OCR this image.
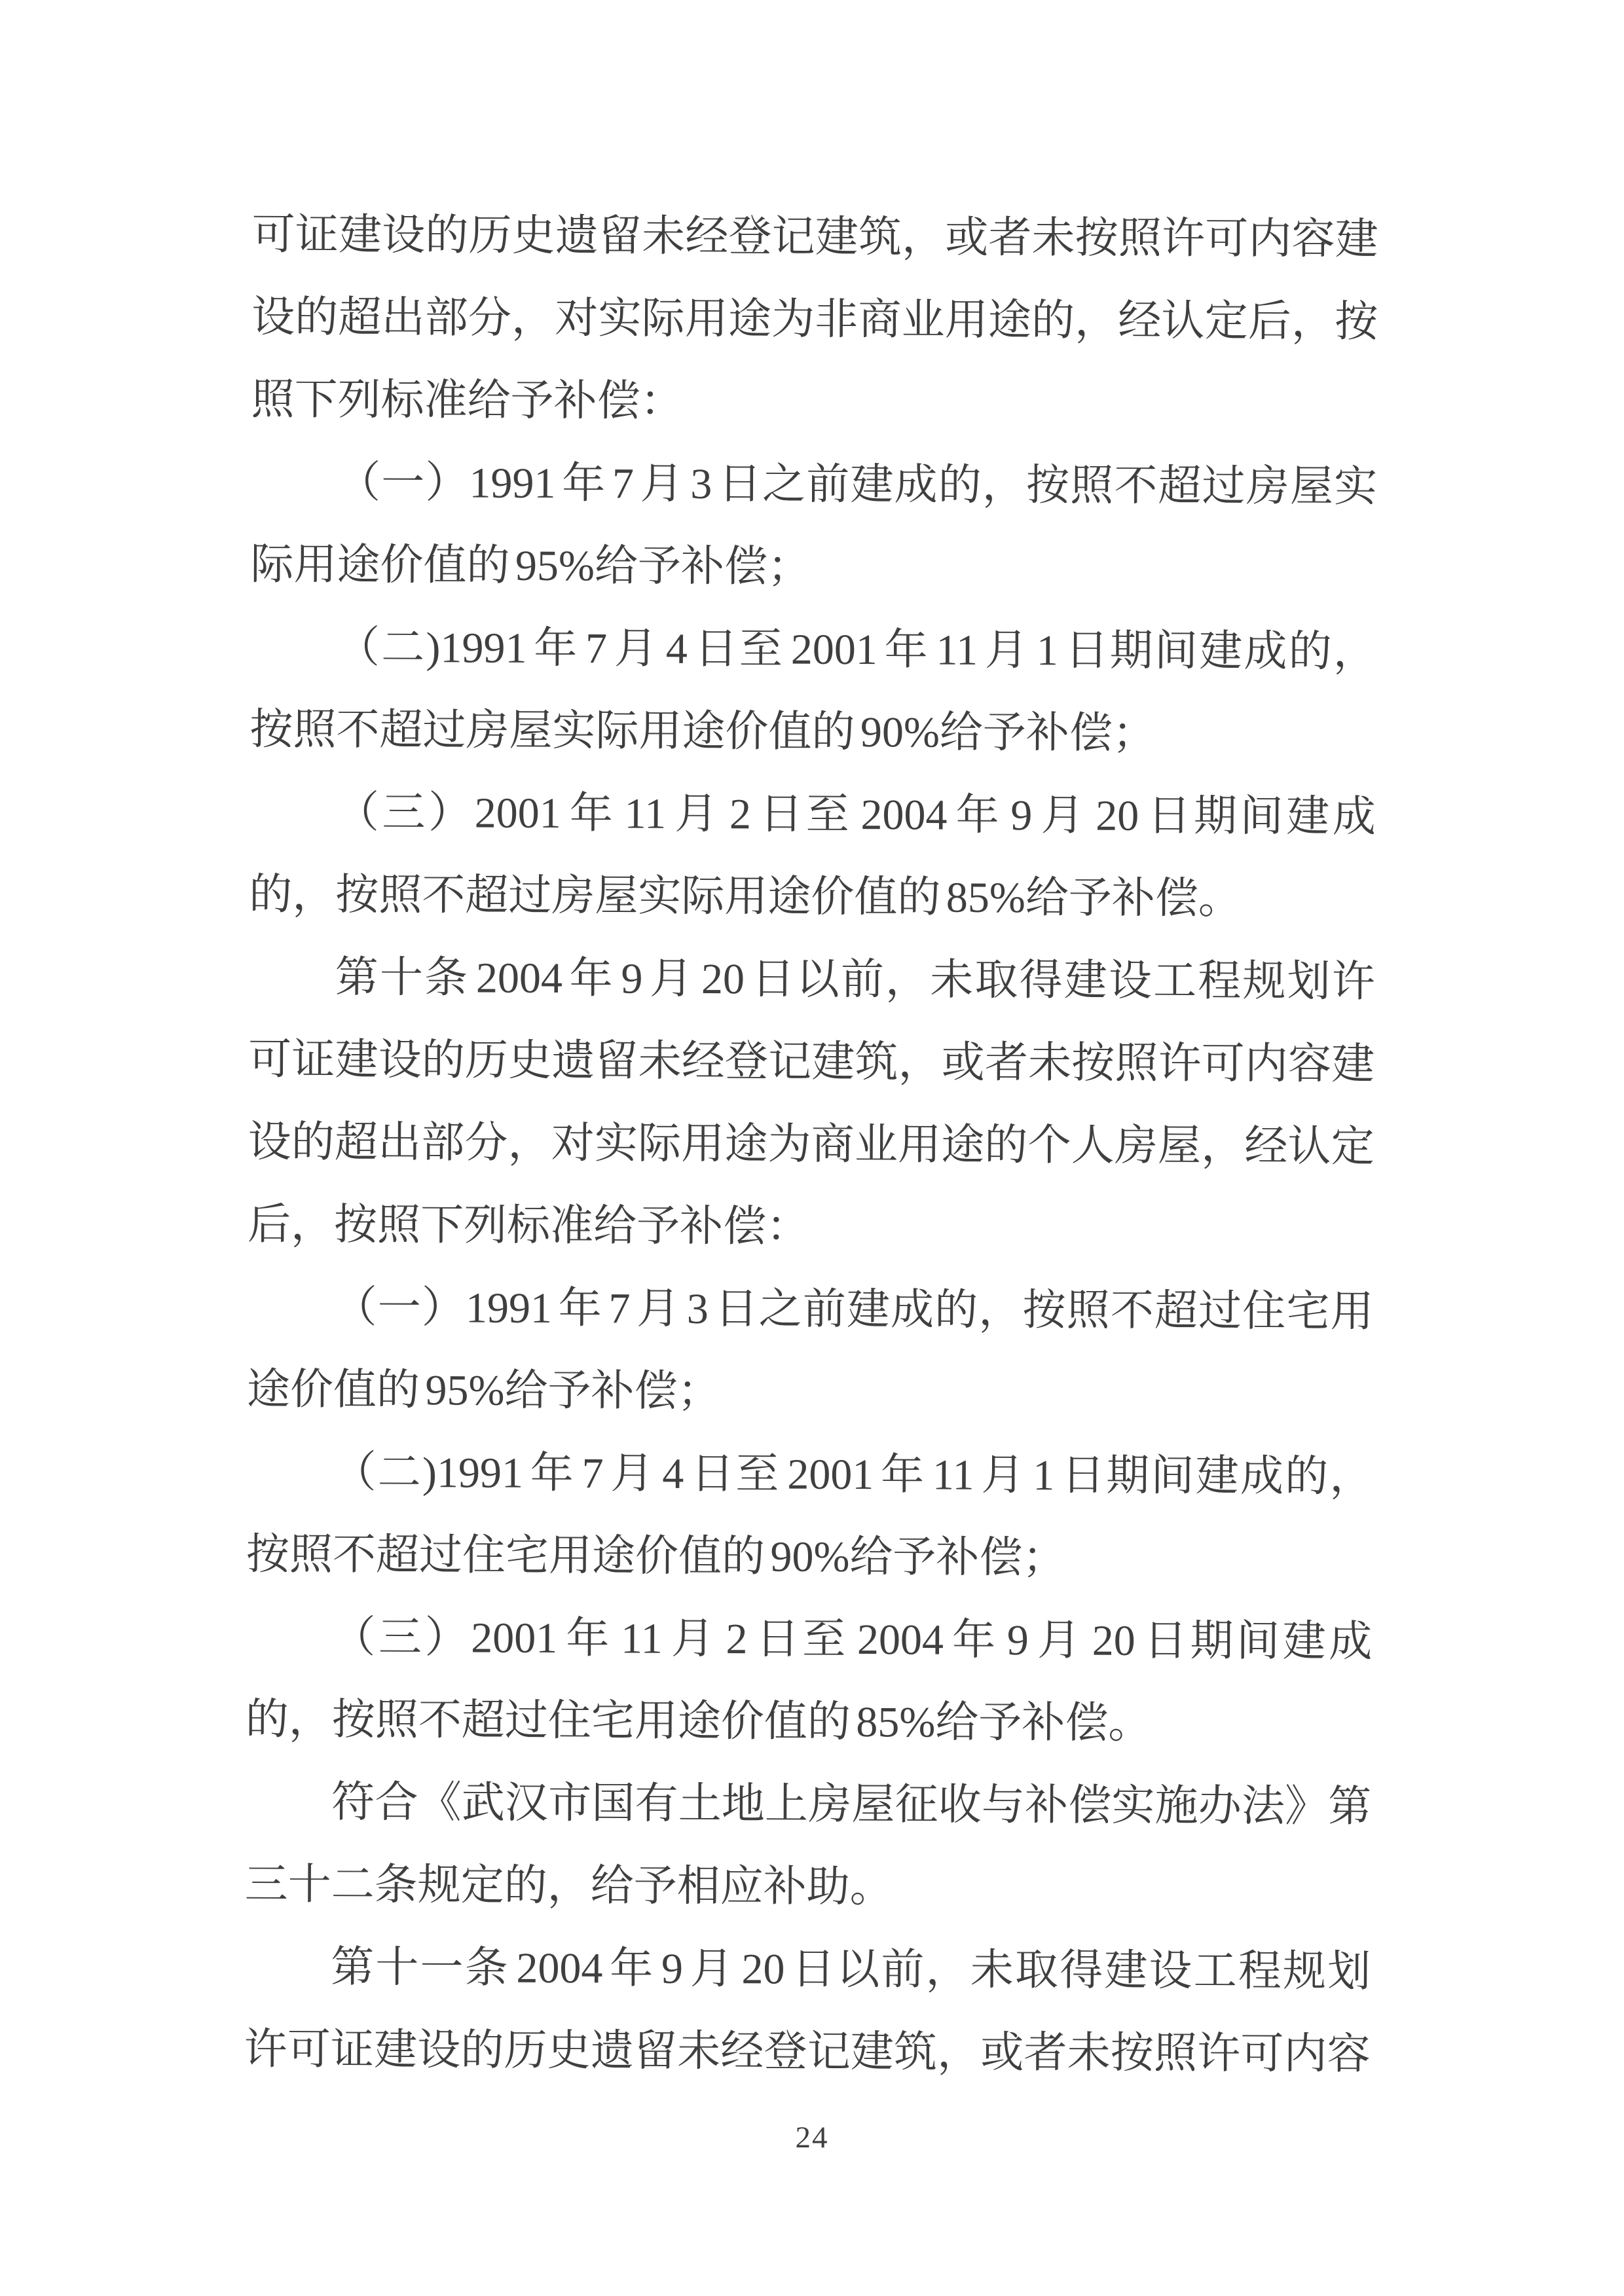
可证建设的历史遗留未经登记建筑，或者未按照许可内容建
设的超出部分，对实际用途为非商业用途的，经认定后，按
照下列标准给予补偿：
（一）1991 年 7 月 3 日之前建成的，按照不超过房屋实
际用途价值的 95%给予补偿；
（二)1991 年 7 月 4 日至 2001 年 11 月 1 日期间建成的，
按照不超过房屋实际用途价值的 90%给予补偿；
（三）2001 年 11 月 2 日至 2004 年 9 月 20 日期间建成
的，按照不超过房屋实际用途价值的 85%给予补偿。
第十条 2004 年 9 月 20 日以前，未取得建设工程规划许
可证建设的历史遗留未经登记建筑，或者未按照许可内容建
设的超出部分，对实际用途为商业用途的个人房屋，经认定
后，按照下列标准给予补偿：
（一）1991 年 7 月 3 日之前建成的，按照不超过住宅用
途价值的 95%给予补偿；
（二)1991 年 7 月 4 日至 2001 年 11 月 1 日期间建成的，
按照不超过住宅用途价值的 90%给予补偿；
（三）2001 年 11 月 2 日至 2004 年 9 月 20 日期间建成
的，按照不超过住宅用途价值的 85%给予补偿。
符合《武汉市国有土地上房屋征收与补偿实施办法》第
三十二条规定的，给予相应补助。
第十一条 2004 年 9 月 20 日以前，未取得建设工程规划
许可证建设的历史遗留未经登记建筑，或者未按照许可内容
24
